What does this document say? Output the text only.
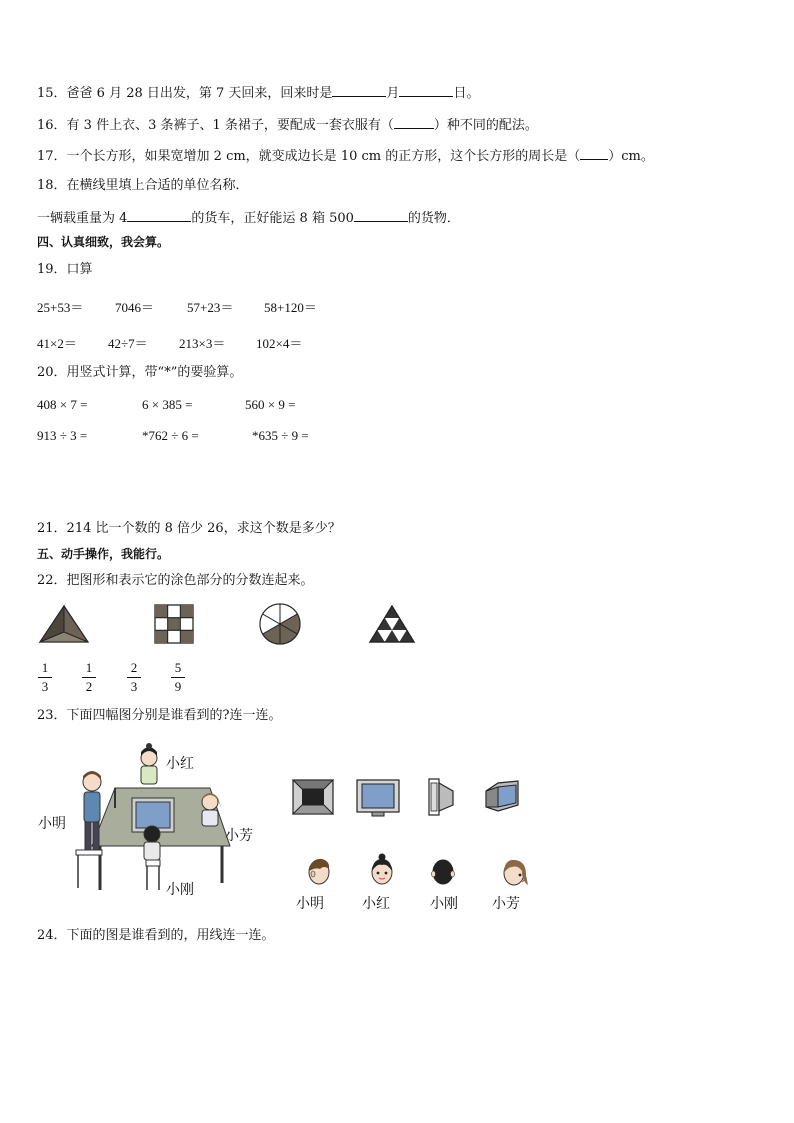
15．爸爸 6 月 28 日出发，第 7 天回来，回来时是	月	日。
16．有 3 件上衣、3 条裤子、1 条裙子，要配成一套衣服有（	）种不同的配法。
17．一个长方形，如果宽增加 2 cm，就变成边长是 10 cm 的正方形，这个长方形的周长是（ ）cm。
18．在横线里填上合适的单位名称．
一辆载重量为 4	的货车，正好能运 8 箱 500	的货物．
四、认真细致，我会算。
19．口算
25+53＝ 7046＝	57+23＝ 58+120＝
41×2＝ 42÷7＝ 213×3＝ 102×4＝
20．用竖式计算，带“*”的要验算。
408 × 7 =	6 × 385 =	560 × 9 =
913 ÷ 3 =	*762 ÷ 6 =	*635 ÷ 9 =
21．214 比一个数的 8 倍少 26，求这个数是多少？
五、动手操作，我能行。
22．把图形和表示它的涂色部分的分数连起来。
1
3
1
2
2
3
5
9
23．下面四幅图分别是谁看到的?连一连。
小红
小明
小芳
小刚
小明	小红	小刚 小芳
24．下面的图是谁看到的，用线连一连。
